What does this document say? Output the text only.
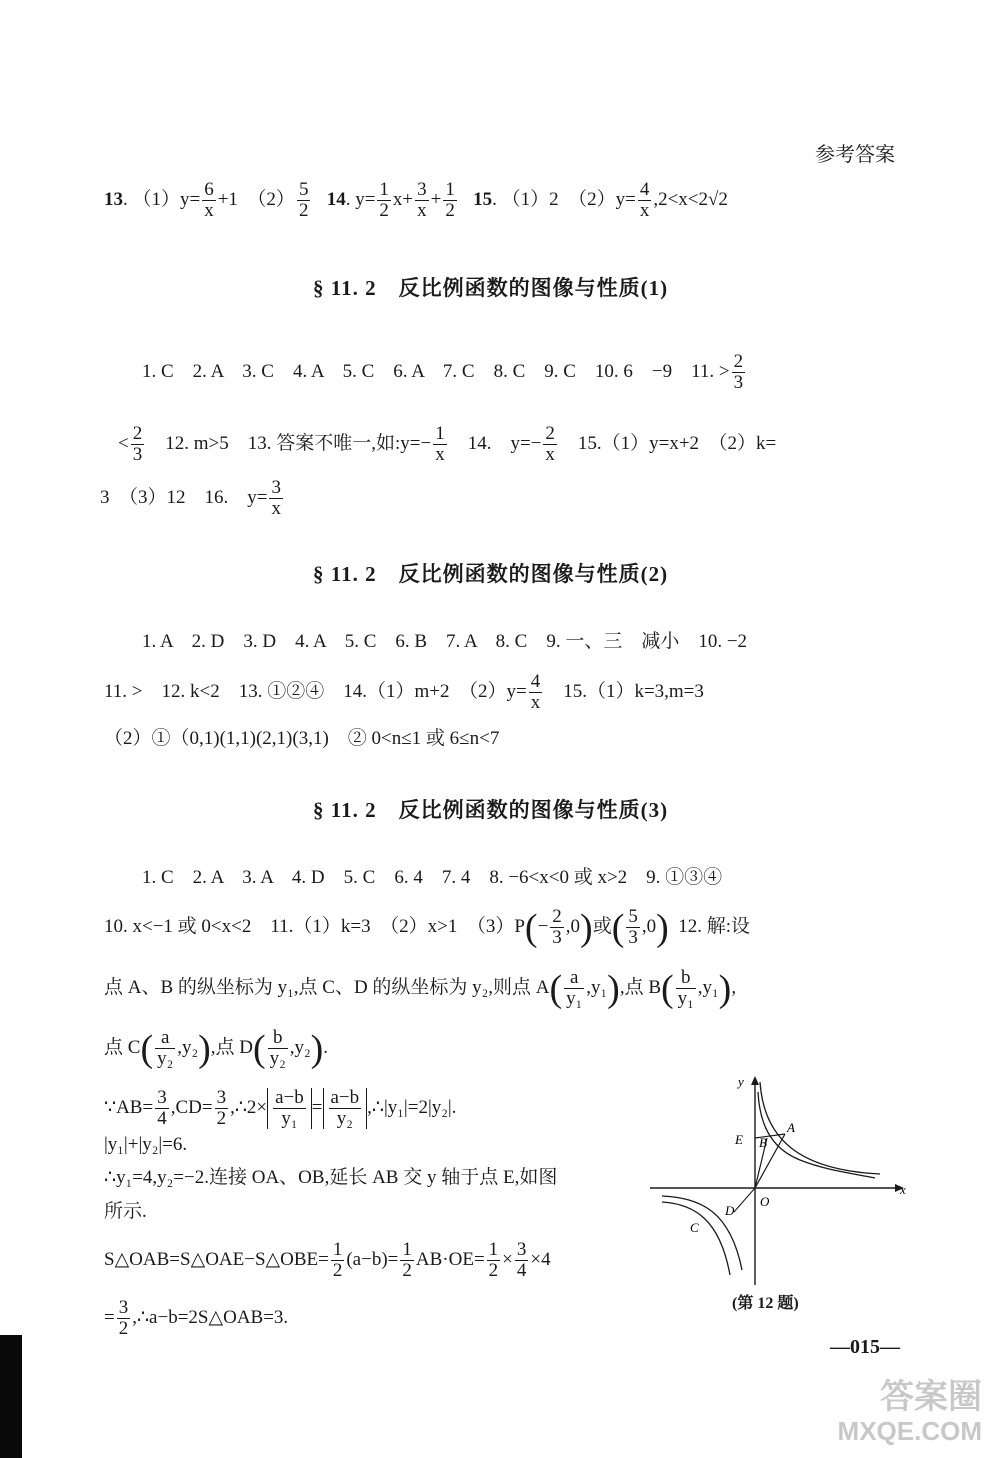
参考答案
13. $(1)y= \frac{6}{x} +1$　$(2) \frac{5}{2} 14$. $y= \frac{1}{2} x+ \frac{3}{x} + \frac{1}{2} 15$. （1）2　$(2)y= \frac{4}{x} ,2<x<2√2$
§ 11. 2　反比例函数的图像与性质(1)
1. C　2. A　3. C　4. A　5. C　6. A　7. C　8. C　9. C　10. 6　−9　11. > $\frac{2}{3}$
< $\frac{2}{3}$ 　12. m>5　13. 答案不唯一,如:y=− $\frac{1}{x}$ 　14.　$y=- \frac{2}{x}$ 　15.（1）y=x+2　（2）k=
3　（3）12　16.　$y= \frac{3}{x}$
§ 11. 2　反比例函数的图像与性质(2)
1. A　2. D　3. D　4. A　5. C　6. B　7. A　8. C　9. 一、三　减小　10. −2
11. >　12. k<2　13. ①②④　14.（1）m+2　$(2)y= \frac{4}{x}$ 　15.（1）k=3,m=3
（2）①（0,1)(1,1)(2,1)(3,1)　② 0<n≤1 或 6≤n<7
§ 11. 2　反比例函数的图像与性质(3)
1. C　2. A　3. A　4. D　5. C　6. 4　7. 4　8. −6<x<0 或 x>2　9. ①③④
10. x<−1 或 0<x<2　11.（1）k=3　（2）x>1　$(3)P(- \frac{2}{3} ,0)$或( $\frac{5}{3} ,0$) 12. 解:设
点 A、B 的纵坐标为 y₁,点 C、D 的纵坐标为 y₂,则点 $A( \frac{a}{\text{y₁}} ,y_1)$,点 $B( \frac{b}{\text{y₁}} ,y_1)$,
点 $C( \frac{a}{\text{y₂}} ,y_2)$,点 $D( \frac{b}{\text{y₂}} ,y_2)$.
∵AB= $\frac{3}{4} ,CD= \frac{3}{2}$ ,∴2× $\frac{a-b}{\text{y₁}} = \frac{a-b}{\text{y₂}}$ ,∴|y₁|=2|y₂|.
|y₁|+|y₂|=6.
∴y₁=4,y₂=−2.连接 OA、OB,延长 AB 交 y 轴于点 E,如图
所示.
S△OAB=S△OAE−S△OBE= $\frac{1}{2} (a-b)= \frac{1}{2} AB\cdot OE= \frac{1}{2} \times \frac{3}{4} \times 4$
= $\frac{3}{2}$ ,∴a−b=2S△OAB=3.
y
x
O
A
B
E
C
D
(第 12 题)
—015—
答案圈
MXQE.COM
